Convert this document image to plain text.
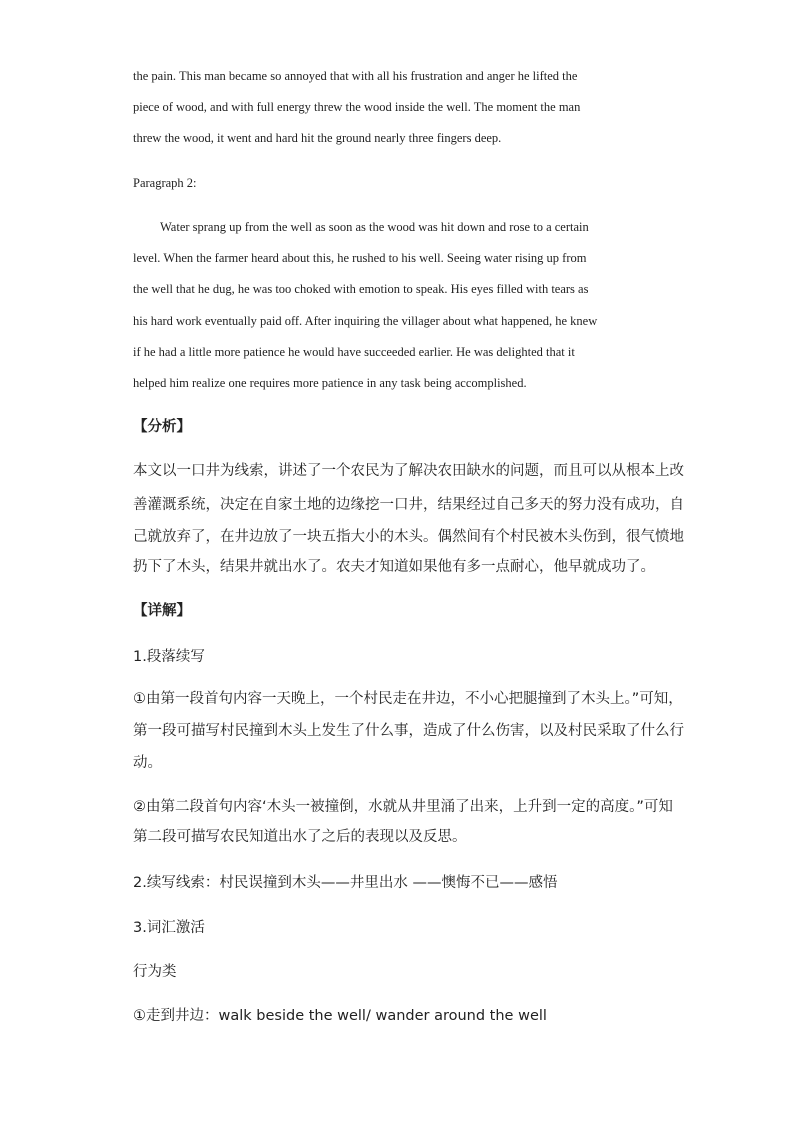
the pain. This man became so annoyed that with all his frustration and anger he lifted the
piece of wood, and with full energy threw the wood inside the well. The moment the man
threw the wood, it went and hard hit the ground nearly three fingers deep.
Paragraph 2:
Water sprang up from the well as soon as the wood was hit down and rose to a certain
level. When the farmer heard about this, he rushed to his well. Seeing water rising up from
the well that he dug, he was too choked with emotion to speak. His eyes filled with tears as
his hard work eventually paid off. After inquiring the villager about what happened, he knew
if he had a little more patience he would have succeeded earlier. He was delighted that it
helped him realize one requires more patience in any task being accomplished.
【分析】
本文以一口井为线索，讲述了一个农民为了解决农田缺水的问题，而且可以从根本上改
善灌溉系统，决定在自家土地的边缘挖一口井，结果经过自己多天的努力没有成功，自
己就放弃了，在井边放了一块五指大小的木头。偶然间有个村民被木头伤到，很气愤地
扔下了木头，结果井就出水了。农夫才知道如果他有多一点耐心，他早就成功了。
【详解】
1.段落续写
①由第一段首句内容一天晚上，一个村民走在井边，不小心把腿撞到了木头上。”可知，
第一段可描写村民撞到木头上发生了什么事，造成了什么伤害，以及村民采取了什么行
动。
②由第二段首句内容‘木头一被撞倒，水就从井里涌了出来，上升到一定的高度。”可知
第二段可描写农民知道出水了之后的表现以及反思。
2.续写线索：村民误撞到木头——井里出水 ——懊悔不已——感悟
3.词汇激活
行为类
①走到井边：walk beside the well/ wander around the well
